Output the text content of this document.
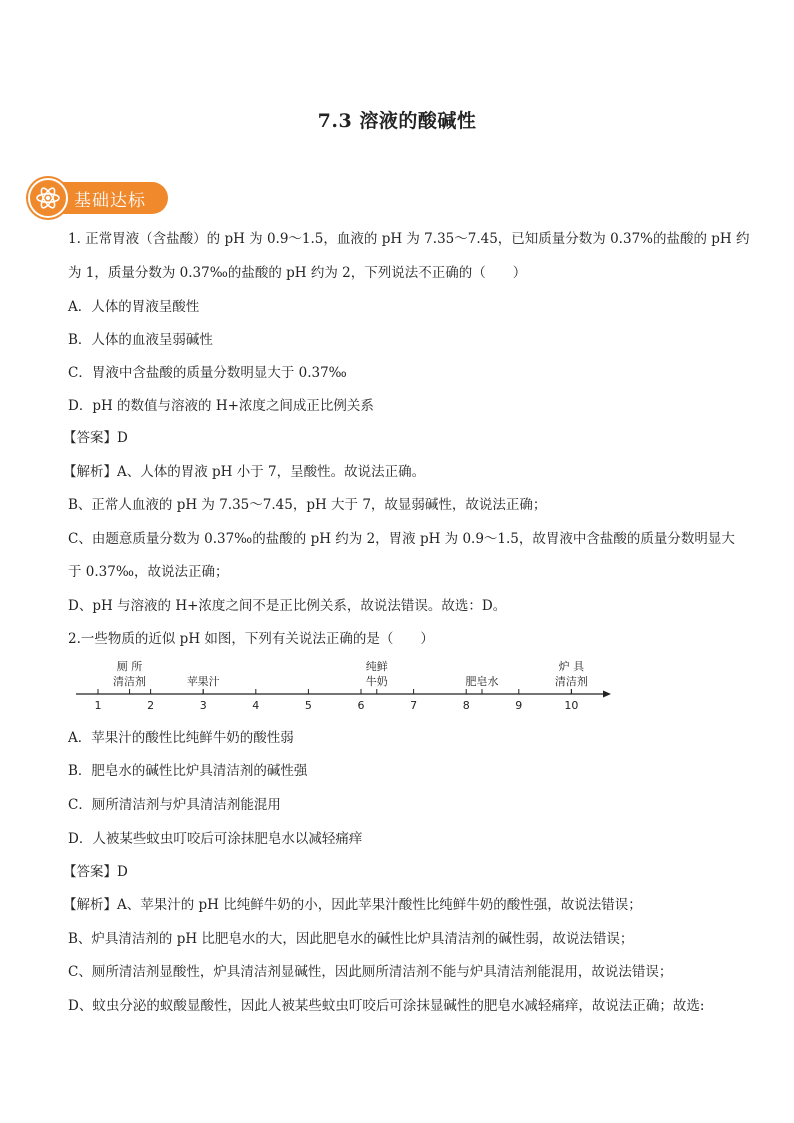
7.3 溶液的酸碱性
基础达标
1. 正常胃液（含盐酸）的 pH 为 0.9～1.5，血液的 pH 为 7.35～7.45，已知质量分数为 0.37%的盐酸的 pH 约
为 1，质量分数为 0.37‰的盐酸的 pH 约为 2，下列说法不正确的（　　）
A．人体的胃液呈酸性
B．人体的血液呈弱碱性
C．胃液中含盐酸的质量分数明显大于 0.37‰
D．pH 的数值与溶液的 H+浓度之间成正比例关系
【答案】D
【解析】A、人体的胃液 pH 小于 7，呈酸性。故说法正确。
B、正常人血液的 pH 为 7.35～7.45，pH 大于 7，故显弱碱性，故说法正确；
C、由题意质量分数为 0.37‰的盐酸的 pH 约为 2，胃液 pH 为 0.9～1.5，故胃液中含盐酸的质量分数明显大
于 0.37‰，故说法正确；
D、pH 与溶液的 H+浓度之间不是正比例关系，故说法错误。故选：D。
2.一些物质的近似 pH 如图，下列有关说法正确的是（　　）
1	2	3	4	5	6	7	8	9	10
厕 所
清洁剂	苹果汁
纯鲜
牛奶	肥皂水
炉 具
清洁剂
A．苹果汁的酸性比纯鲜牛奶的酸性弱
B．肥皂水的碱性比炉具清洁剂的碱性强
C．厕所清洁剂与炉具清洁剂能混用
D．人被某些蚊虫叮咬后可涂抹肥皂水以减轻痛痒
【答案】D
【解析】A、苹果汁的 pH 比纯鲜牛奶的小，因此苹果汁酸性比纯鲜牛奶的酸性强，故说法错误；
B、炉具清洁剂的 pH 比肥皂水的大，因此肥皂水的碱性比炉具清洁剂的碱性弱，故说法错误；
C、厕所清洁剂显酸性，炉具清洁剂显碱性，因此厕所清洁剂不能与炉具清洁剂能混用，故说法错误；
D、蚊虫分泌的蚁酸显酸性，因此人被某些蚊虫叮咬后可涂抹显碱性的肥皂水减轻痛痒，故说法正确；故选:
